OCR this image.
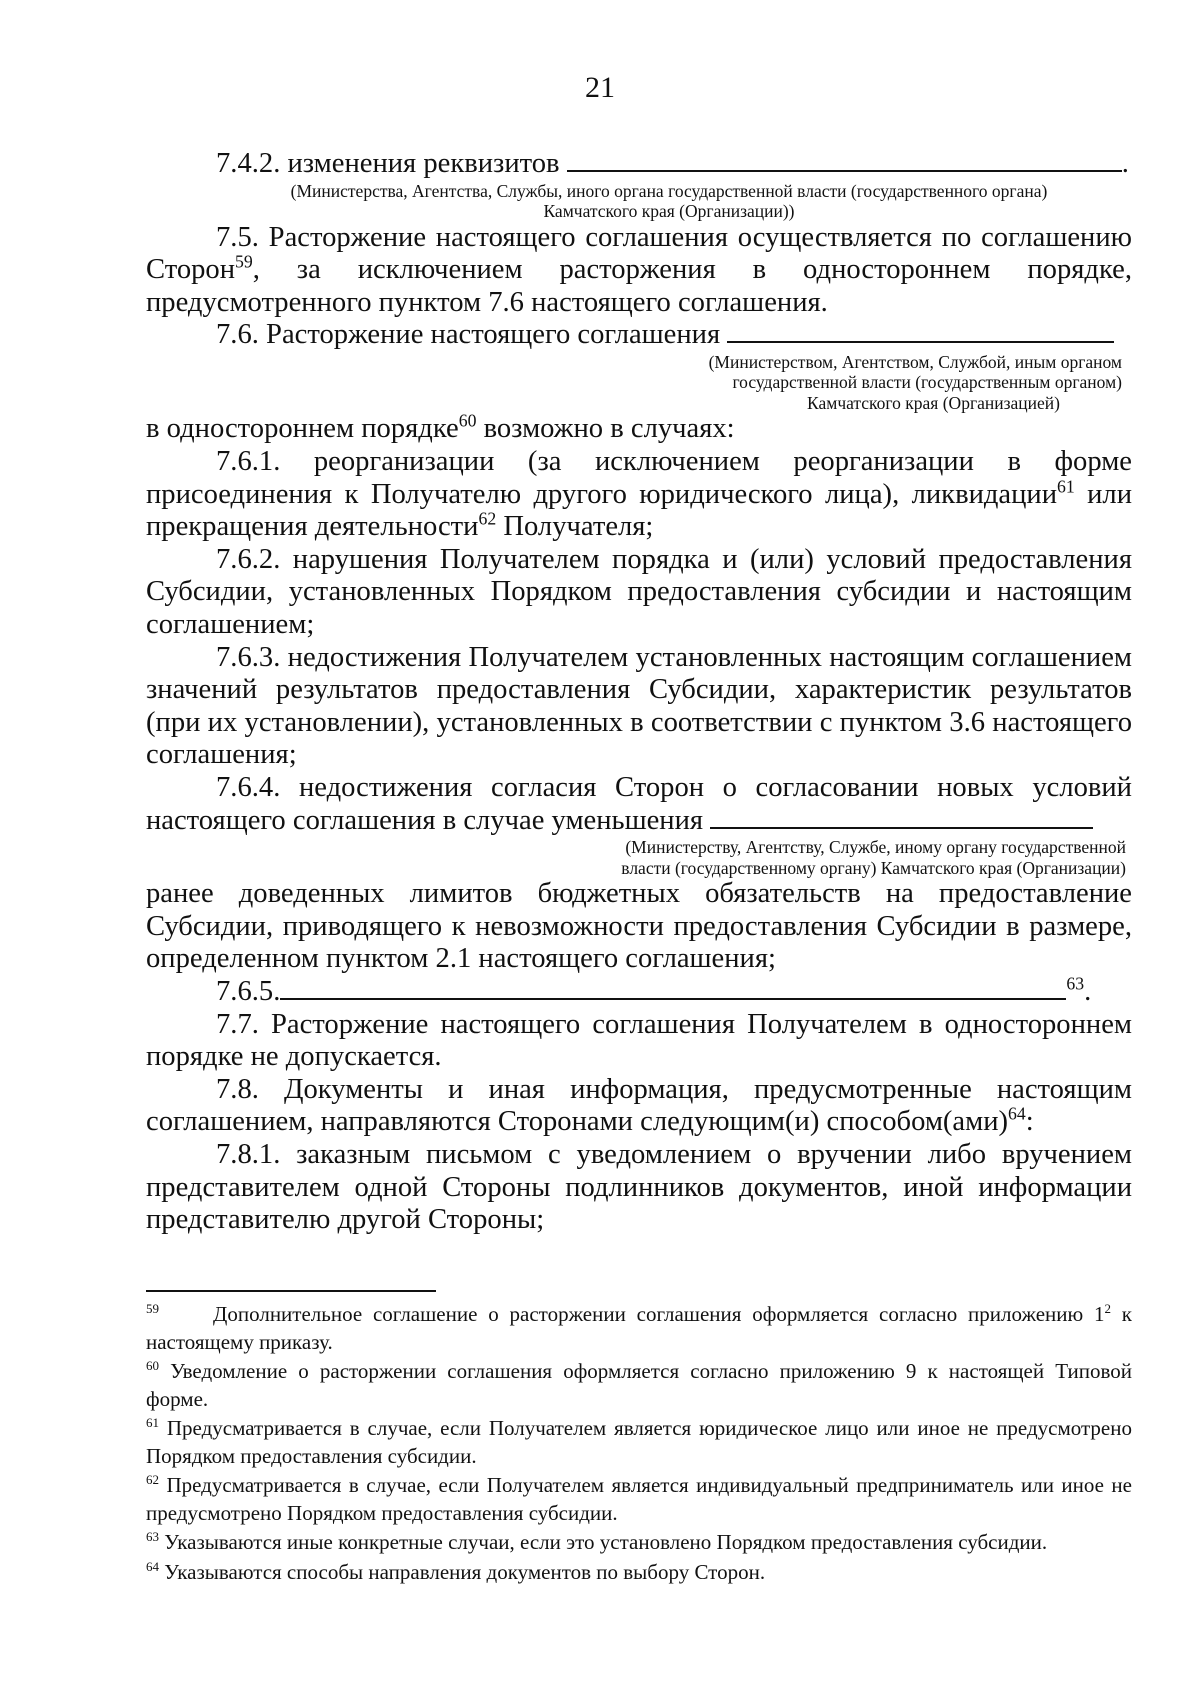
21

7.4.2. изменения реквизитов	.

(Министерства, Агентства, Службы, иного органа государственной власти (государственного органа)
Камчатского края (Организации))

7.5. Расторжение настоящего соглашения осуществляется по соглашению

Сторон$^{59}$, за исключением расторжения в одностороннем порядке,

предусмотренного пунктом 7.6 настоящего соглашения.

7.6. Расторжение настоящего соглашения

(Министерством, Агентством, Службой, иным органом
государственной власти (государственным органом)
Камчатского края (Организацией)

в одностороннем порядке$^{60}$ возможно в случаях:

7.6.1. реорганизации (за исключением реорганизации в форме

присоединения к Получателю другого юридического лица), ликвидации$^{61}$ или

прекращения деятельности$^{62}$ Получателя;

7.6.2. нарушения Получателем порядка и (или) условий предоставления Субсидии, установленных Порядком предоставления субсидии и настоящим соглашением;

7.6.3. недостижения Получателем установленных настоящим соглашением значений результатов предоставления Субсидии, характеристик результатов (при их установлении), установленных в соответствии с пунктом 3.6 настоящего соглашения;

7.6.4. недостижения согласия Сторон о согласовании новых условий

настоящего соглашения в случае уменьшения

(Министерству, Агентству, Службе, иному органу государственной
власти (государственному органу) Камчатского края (Организации)

ранее доведенных лимитов бюджетных обязательств на предоставление Субсидии, приводящего к невозможности предоставления Субсидии в размере, определенном пунктом 2.1 настоящего соглашения;

7.6.5.	$^{63}$.

7.7. Расторжение настоящего соглашения Получателем в одностороннем порядке не допускается.

7.8. Документы и иная информация, предусмотренные настоящим

соглашением, направляются Сторонами следующим(и) способом(ами)$^{64}$:

7.8.1. заказным письмом с уведомлением о вручении либо вручением представителем одной Стороны подлинников документов, иной информации представителю другой Стороны;

$^{59}$	Дополнительное соглашение о расторжении соглашения оформляется согласно приложению $1^2$ к настоящему приказу.

$^{60}$ Уведомление о расторжении соглашения оформляется согласно приложению 9 к настоящей Типовой форме.

$^{61}$ Предусматривается в случае, если Получателем является юридическое лицо или иное не предусмотрено Порядком предоставления субсидии.

$^{62}$ Предусматривается в случае, если Получателем является индивидуальный предприниматель или иное не предусмотрено Порядком предоставления субсидии.

$^{63}$ Указываются иные конкретные случаи, если это установлено Порядком предоставления субсидии.

$^{64}$ Указываются способы направления документов по выбору Сторон.
